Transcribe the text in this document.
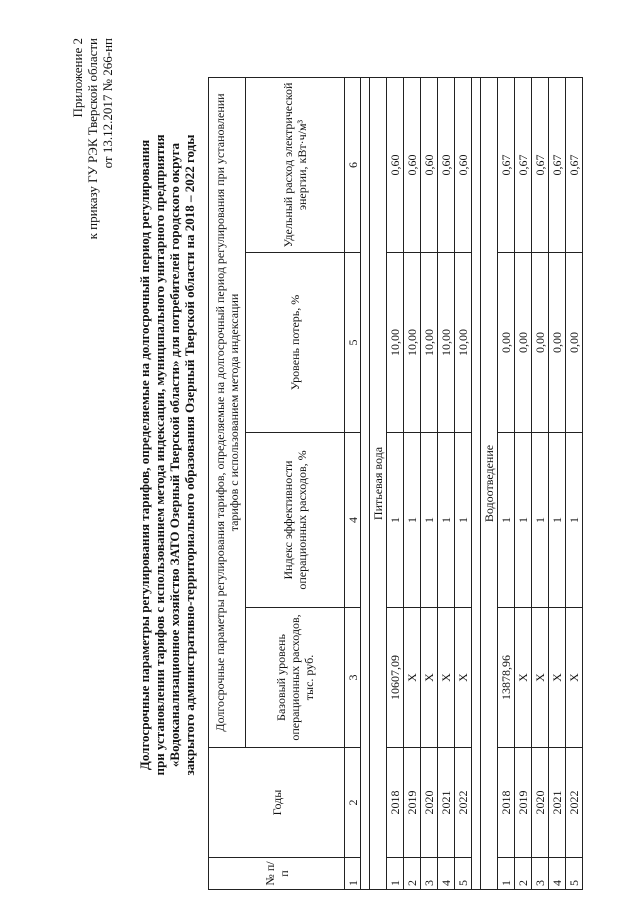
Приложение 2 к приказу ГУ РЭК Тверской области от 13.12.2017 № 266-нп
Долгосрочные параметры регулирования тарифов, определяемые на долгосрочный период регулирования при установлении тарифов с использованием метода индексации, муниципального унитарного предприятия «Водоканализационное хозяйство ЗАТО Озерный Тверской области» для потребителей городского округа закрытого административно-территориального образования Озерный Тверской области на 2018 – 2022 годы
№ п/п	Годы	Долгосрочные параметры регулирования тарифов, определяемые на долгосрочный период регулирования при установлении тарифов с использованием метода индексации			
		Базовый уровень операционных расходов, тыс. руб.	Индекс эффективности операционных расходов, %	Уровень потерь, %	Удельный расход электрической энергии, кВт·ч/м³
1	2	3	4	5	6

Питьевая вода					
1	2018	10607,09	1	10,00	0,60
2	2019	Х	1	10,00	0,60
3	2020	Х	1	10,00	0,60
4	2021	Х	1	10,00	0,60
5	2022	Х	1	10,00	0,60

Водоотведение					
1	2018	13878,96	1	0,00	0,67
2	2019	Х	1	0,00	0,67
3	2020	Х	1	0,00	0,67
4	2021	Х	1	0,00	0,67
5	2022	Х	1	0,00	0,67
